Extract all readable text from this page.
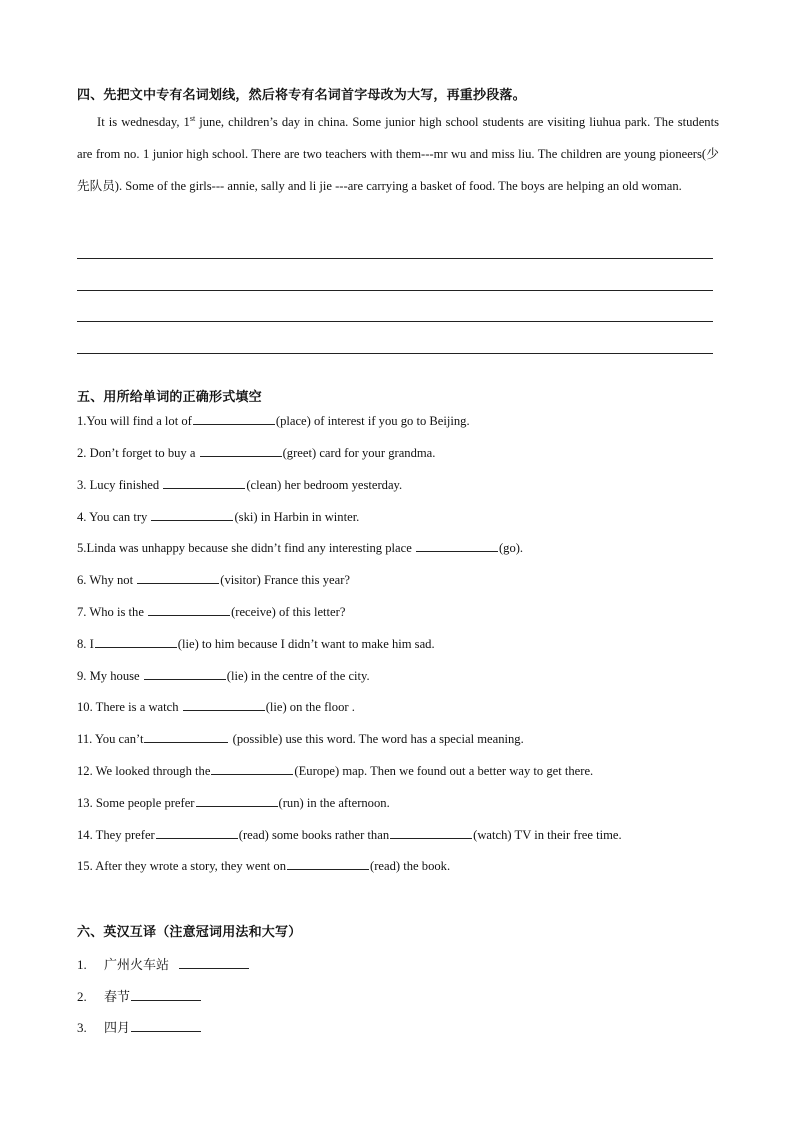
四、先把文中专有名词划线，然后将专有名词首字母改为大写，再重抄段落。
It is wednesday, 1st june, children’s day in china. Some junior high school students are visiting liuhua park. The students are from no. 1 junior high school. There are two teachers with them---mr wu and miss liu. The children are young pioneers(少先队员). Some of the girls--- annie, sally and li jie ---are carrying a basket of food. The boys are helping an old woman.
五、用所给单词的正确形式填空
1.You will find a lot of	(place) of interest if you go to Beijing.
2. Don’t forget to buy a	(greet) card for your grandma.
3. Lucy finished	(clean) her bedroom yesterday.
4. You can try	(ski) in Harbin in winter.
5.Linda was unhappy because she didn’t find any interesting place	(go).
6. Why not	(visitor) France this year?
7. Who is the	(receive) of this letter?
8. I	(lie) to him because I didn’t want to make him sad.
9. My house	(lie) in the centre of the city.
10. There is a watch	(lie) on the floor .
11. You can’t	(possible) use this word. The word has a special meaning.
12. We looked through the	(Europe) map. Then we found out a better way to get there.
13. Some people prefer	(run) in the afternoon.
14. They prefer	(read) some books rather than	(watch) TV in their free time.
15. After they wrote a story, they went on	(read) the book.
六、英汉互译（注意冠词用法和大写）
1. 广州火车站
2. 春节
3. 四月
